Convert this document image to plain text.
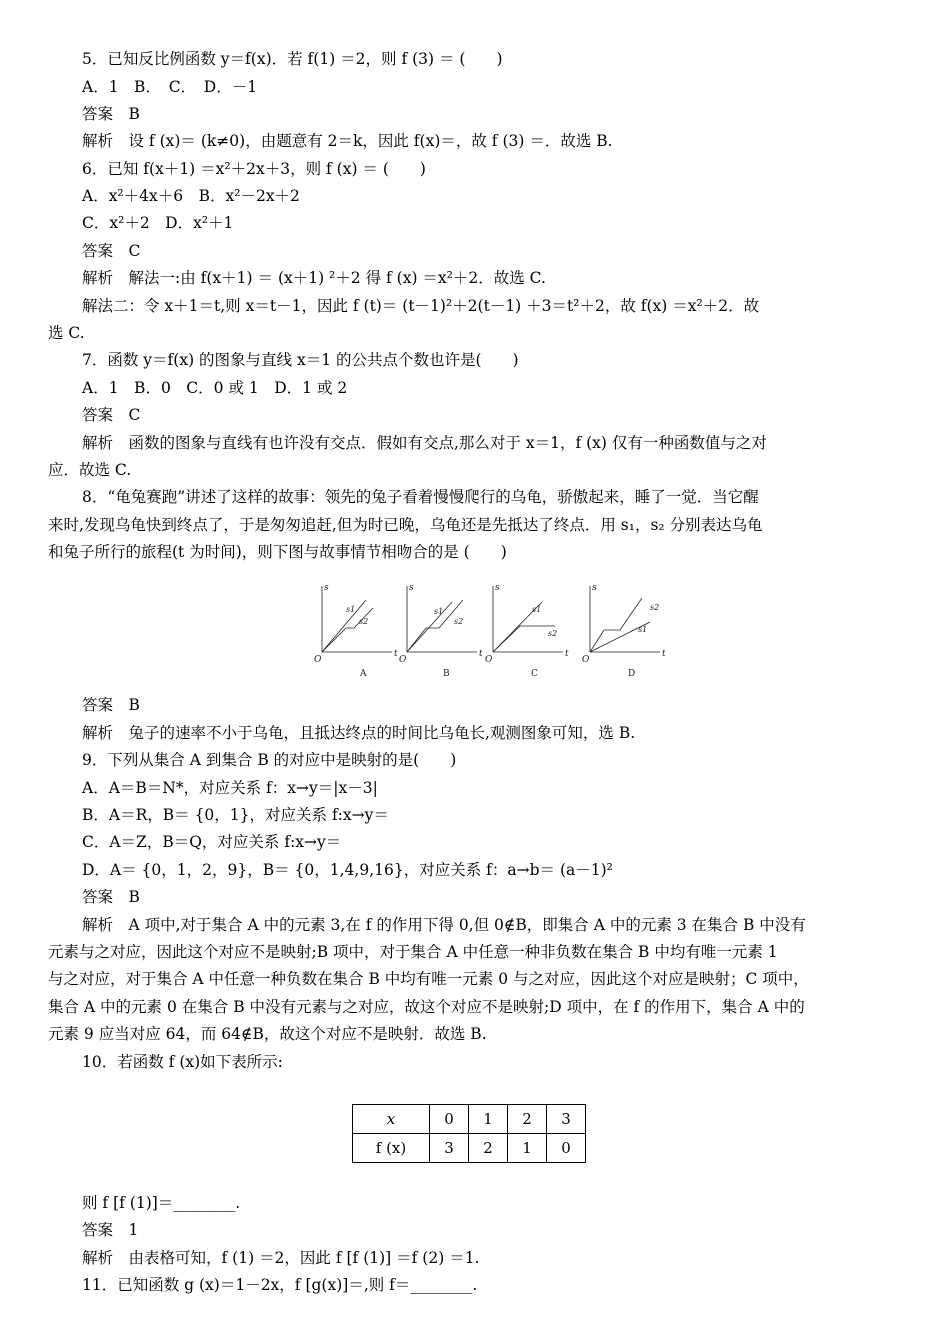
5．已知反比例函数 y＝f(x)．若 f(1) ＝2，则 f (3) ＝ (　　)
A．1　B．　C．　D．－1
答案　B
解析　设 f (x)＝ (k≠0)，由题意有 2＝k，因此 f(x)＝，故 f (3) ＝．故选 B.
6．已知 f(x＋1) ＝x²＋2x＋3，则 f (x) ＝ (　　)
A．x²＋4x＋6　B．x²－2x＋2
C．x²＋2　D．x²＋1
答案　C
解析　解法一:由 f(x＋1) ＝ (x＋1) ²＋2 得 f (x) ＝x²＋2．故选 C.
解法二：令 x＋1＝t,则 x＝t－1，因此 f (t)＝ (t－1)²＋2(t－1) ＋3＝t²＋2，故 f(x) ＝x²＋2．故
选 C.
7．函数 y＝f(x) 的图象与直线 x＝1 的公共点个数也许是(　　)
A．1　B．0　C．0 或 1　D．1 或 2
答案　C
解析　函数的图象与直线有也许没有交点．假如有交点,那么对于 x＝1，f (x) 仅有一种函数值与之对
应．故选 C.
8．“龟兔赛跑”讲述了这样的故事：领先的兔子看着慢慢爬行的乌龟，骄傲起来，睡了一觉．当它醒
来时,发现乌龟快到终点了，于是匆匆追赶,但为时已晚，乌龟还是先抵达了终点．用 s₁，s₂ 分别表达乌龟
和兔子所行的旅程(t 为时间)，则下图与故事情节相吻合的是 (　　)
s
t
O
s1
s2
s
t
O
s1
s2
s
t
O
s1
s2
s
t
O
s2
s1
A	B	C	D
答案　B
解析　兔子的速率不小于乌龟，且抵达终点的时间比乌龟长,观测图象可知，选 B.
9．下列从集合 A 到集合 B 的对应中是映射的是(　　)
A．A＝B＝N*，对应关系 f：x→y＝|x－3|
B．A＝R，B＝ {0，1}，对应关系 f:x→y＝
C．A＝Z，B＝Q，对应关系 f:x→y＝
D．A＝ {0，1，2，9}，B＝ {0，1,4,9,16}，对应关系 f：a→b＝ (a－1)²
答案　B
解析　A 项中,对于集合 A 中的元素 3,在 f 的作用下得 0,但 0∉B，即集合 A 中的元素 3 在集合 B 中没有
元素与之对应，因此这个对应不是映射;B 项中，对于集合 A 中任意一种非负数在集合 B 中均有唯一元素 1
与之对应，对于集合 A 中任意一种负数在集合 B 中均有唯一元素 0 与之对应，因此这个对应是映射；C 项中，
集合 A 中的元素 0 在集合 B 中没有元素与之对应，故这个对应不是映射;D 项中，在 f 的作用下，集合 A 中的
元素 9 应当对应 64，而 64∉B，故这个对应不是映射．故选 B.
10．若函数 f (x)如下表所示:
x	0	1	2	3
f (x)	3	2	1	0
则 f [f (1)]＝________.
答案　1
解析　由表格可知，f (1) ＝2，因此 f [f (1)] ＝f (2) ＝1.
11．已知函数 g (x)＝1－2x，f [g(x)]＝,则 f＝________.
